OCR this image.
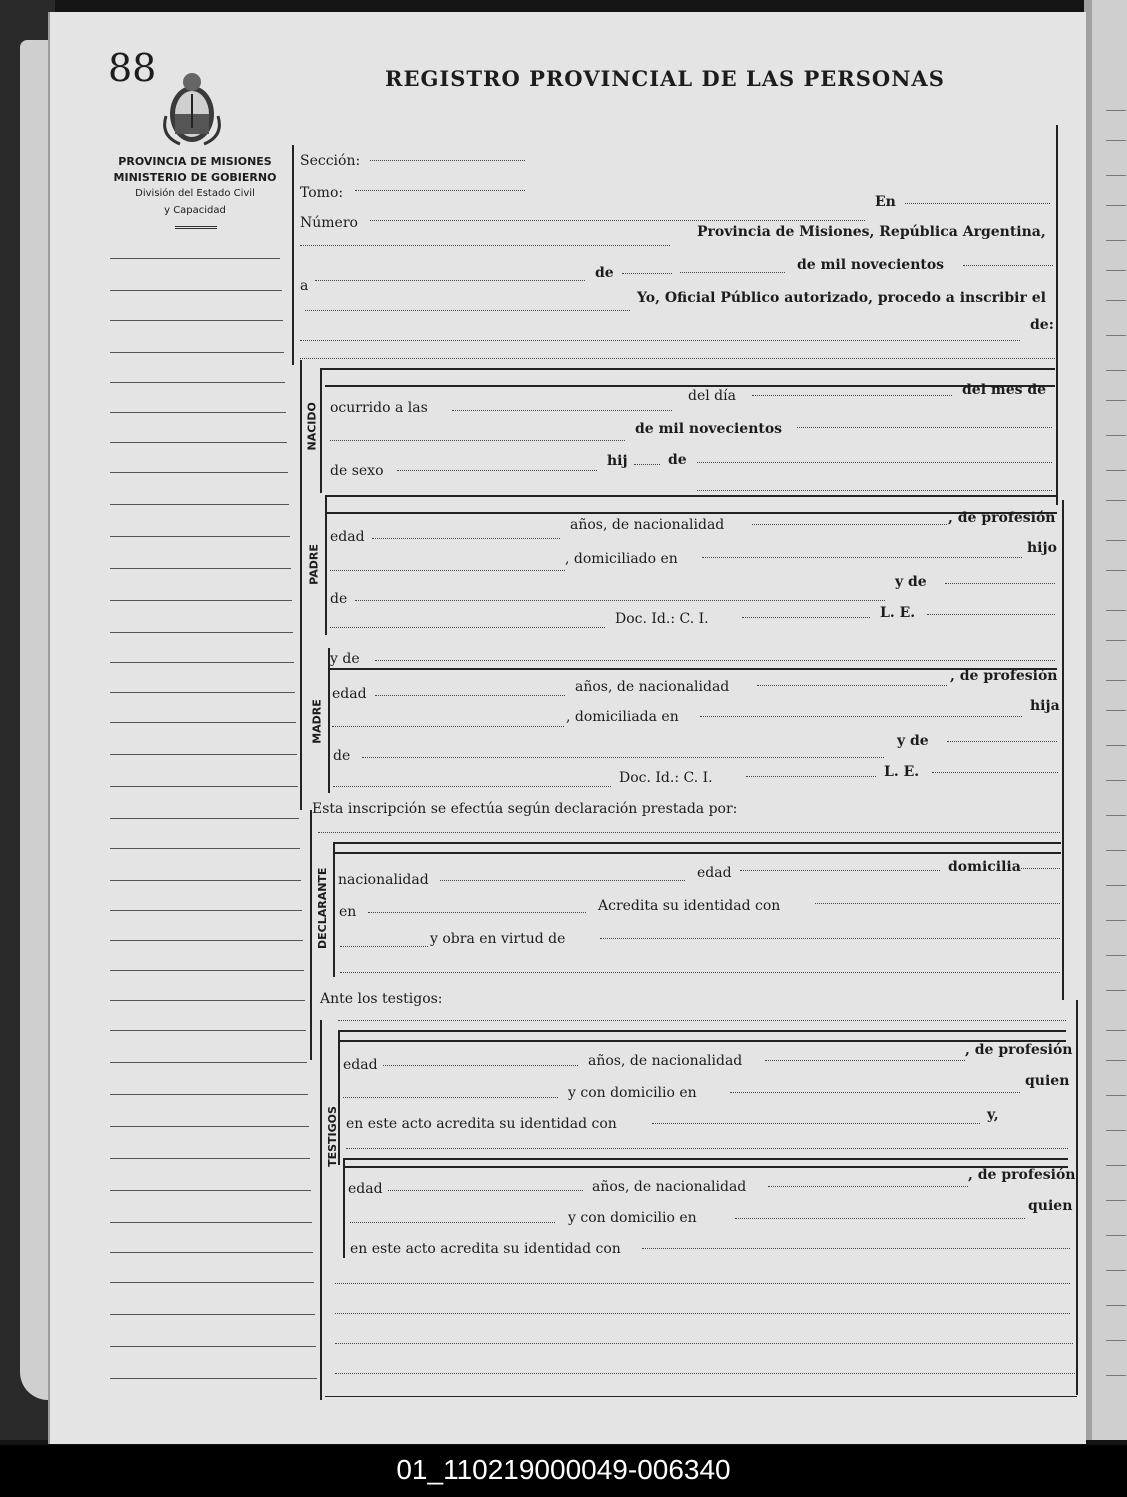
88	REGISTRO PROVINCIAL DE LAS PERSONAS
PROVINCIA DE MISIONES
MINISTERIO DE GOBIERNO
División del Estado Civil
y Capacidad
Sección:
Tomo:
Número
En
Provincia de Misiones, República Argentina,
a
de	de mil novecientos
Yo, Oficial Público autorizado, procedo a inscribir el
de:
NACIDO ocurrido a las
del día	del mes de
de mil novecientos
de sexo
hij	de
PADRE
edad
años, de nacionalidad	, de profesión
, domiciliado en
hijo
de
y de
Doc. Id.: C. I.	L. E.
y de
MADRE
edad	años, de nacionalidad
, de profesión
, domiciliada en
hija
de
y de
Doc. Id.: C. I.	L. E.
Esta inscripción se efectúa según declaración prestada por:
DECLARANTE nacionalidad	edad	domicilia
en	Acredita su identidad con
y obra en virtud de
Ante los testigos:
TESTIGOS
edad	años, de nacionalidad
, de profesión
y con domicilio en
quien
en este acto acredita su identidad con
y,
edad	años, de nacionalidad
, de profesión
y con domicilio en
quien
en este acto acredita su identidad con
01_110219000049-006340
